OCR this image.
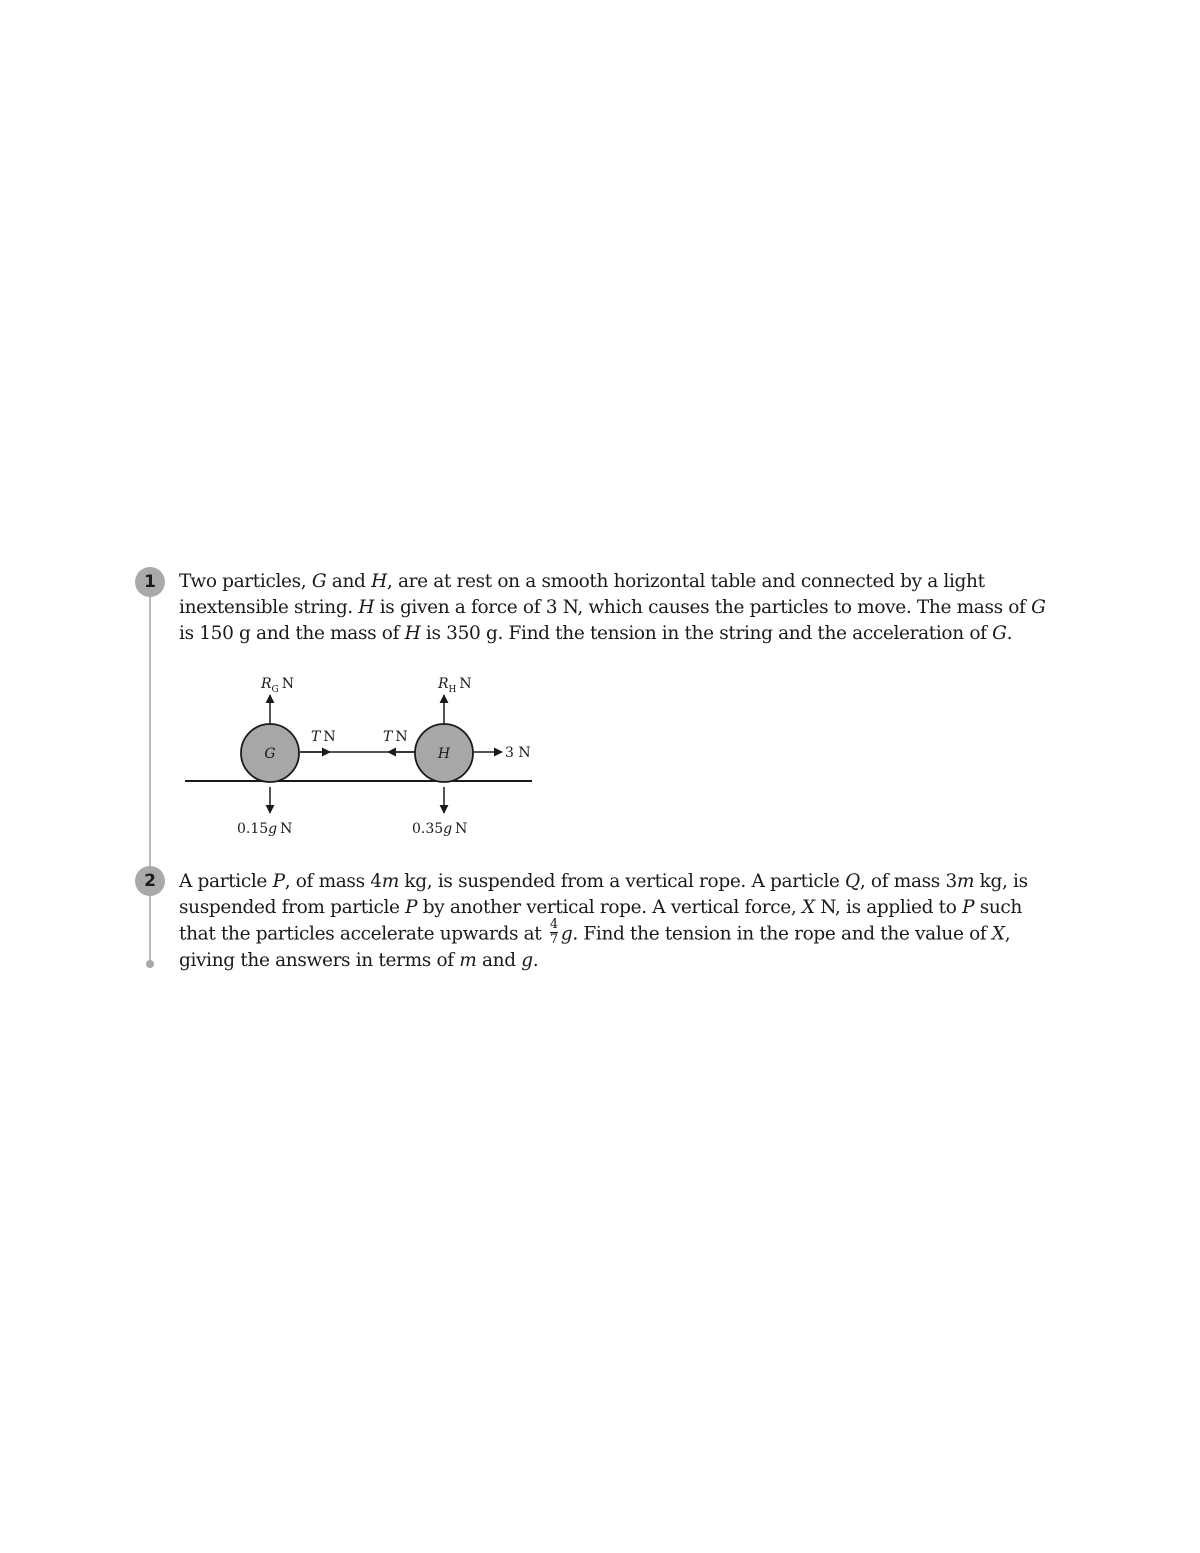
1	Two particles, G and H, are at rest on a smooth horizontal table and connected by a light
inextensible string. H is given a force of 3 N, which causes the particles to move. The mass of G
is 150 g and the mass of H is 350 g. Find the tension in the string and the acceleration of G.
G	H
$R_G$ N	$R_H$ N
T N	T N
3 N
0.15g N	0.35g N
2	A particle P, of mass 4m kg, is suspended from a vertical rope. A particle Q, of mass 3m kg, is
suspended from particle P by another vertical rope. A vertical force, X N, is applied to P such
that the particles accelerate upwards at $\frac{4}{7} g$. Find the tension in the rope and the value of X,
giving the answers in terms of m and g.
